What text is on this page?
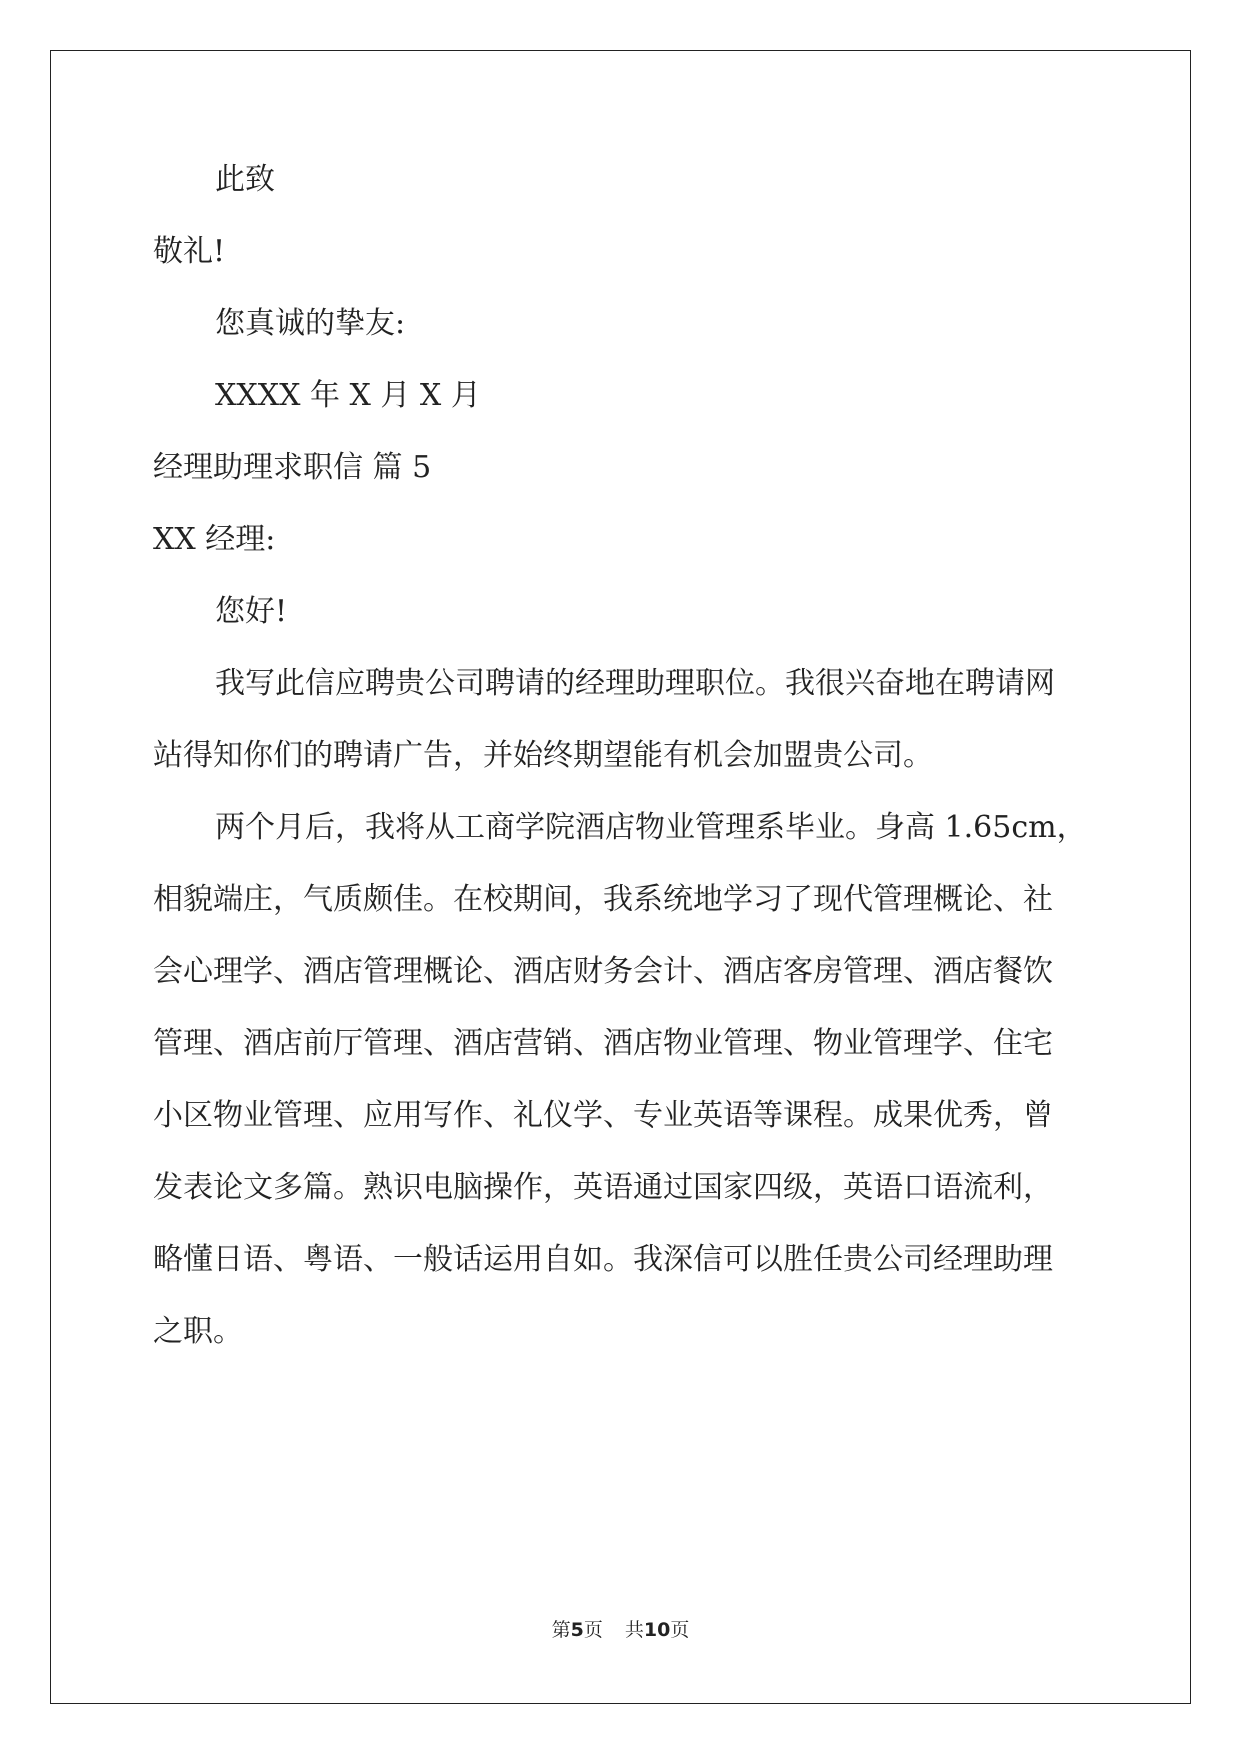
此致
敬礼!
您真诚的挚友:
XXXX 年 X 月 X 月
经理助理求职信 篇 5
XX 经理:
您好!
我写此信应聘贵公司聘请的经理助理职位。我很兴奋地在聘请网
站得知你们的聘请广告，并始终期望能有机会加盟贵公司。
两个月后，我将从工商学院酒店物业管理系毕业。身高 1.65cm，
相貌端庄，气质颇佳。在校期间，我系统地学习了现代管理概论、社
会心理学、酒店管理概论、酒店财务会计、酒店客房管理、酒店餐饮
管理、酒店前厅管理、酒店营销、酒店物业管理、物业管理学、住宅
小区物业管理、应用写作、礼仪学、专业英语等课程。成果优秀，曾
发表论文多篇。熟识电脑操作，英语通过国家四级，英语口语流利，
略懂日语、粤语、一般话运用自如。我深信可以胜任贵公司经理助理
之职。
第5页 共10页
